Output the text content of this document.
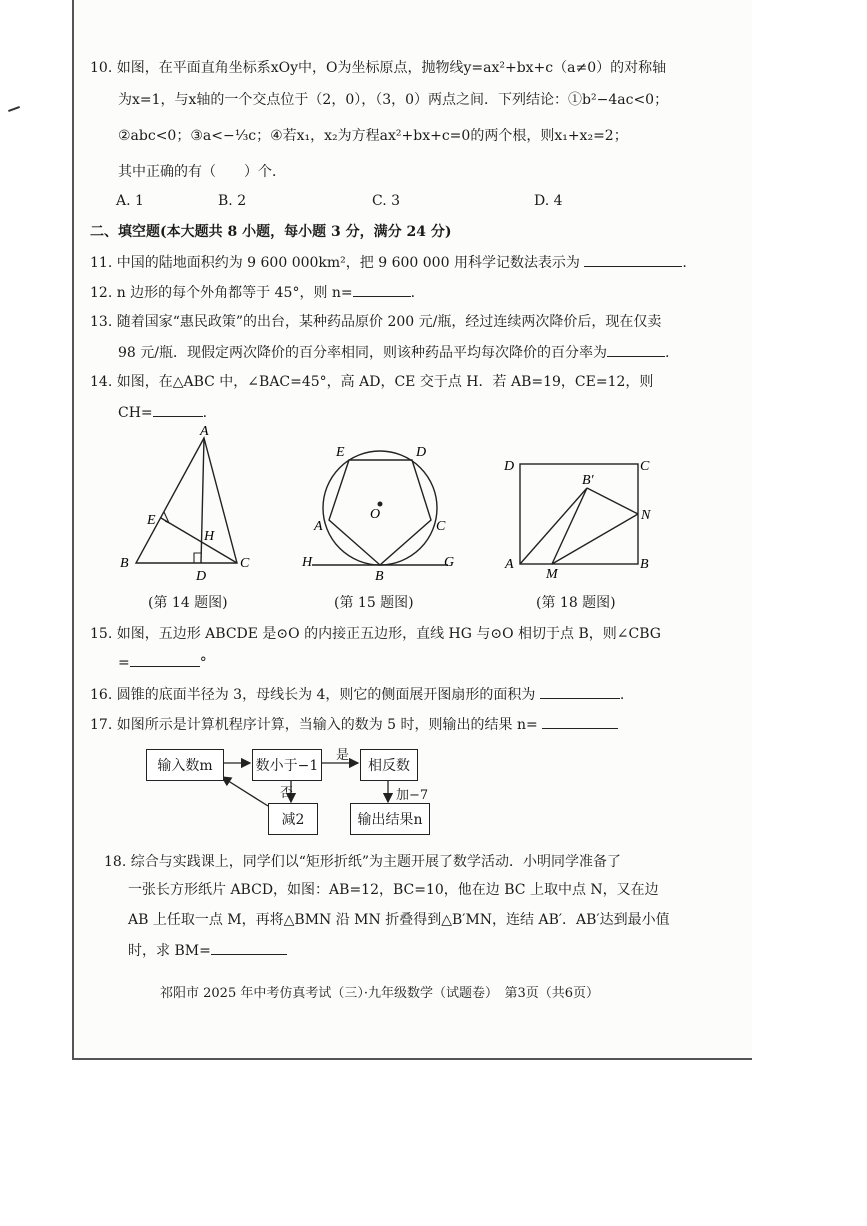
10. 如图，在平面直角坐标系xOy中，O为坐标原点，抛物线y=ax²+bx+c（a≠0）的对称轴
为x=1，与x轴的一个交点位于（2，0），（3，0）两点之间．下列结论：①b²−4ac<0；
②abc<0；③a<−⅓c；④若x₁，x₂为方程ax²+bx+c=0的两个根，则x₁+x₂=2；
其中正确的有（　　）个．
A. 1	B. 2	C. 3	D. 4
二、填空题(本大题共 8 小题，每小题 3 分，满分 24 分)
11. 中国的陆地面积约为 9 600 000km²，把 9 600 000 用科学记数法表示为	.
12. n 边形的每个外角都等于 45°，则 n=	.
13. 随着国家“惠民政策”的出台，某种药品原价 200 元/瓶，经过连续两次降价后，现在仅卖
98 元/瓶．现假定两次降价的百分率相同，则该种药品平均每次降价的百分率为	.
14. 如图，在△ABC 中，∠BAC=45°，高 AD，CE 交于点 H．若 AB=19，CE=12，则
CH=	.
A
B	C
D
E
H
(第 14 题图)
E	D
A	C
O
H
B
G
(第 15 题图)
D	C
B′
N
A
M
B
(第 18 题图)
15. 如图，五边形 ABCDE 是⊙O 的内接正五边形，直线 HG 与⊙O 相切于点 B，则∠CBG
=	°
16. 圆锥的底面半径为 3，母线长为 4，则它的侧面展开图扇形的面积为	.
17. 如图所示是计算机程序计算，当输入的数为 5 时，则输出的结果 n=
输入数m	数小于−1	相反数
减2	输出结果n
是
否	加−7
18. 综合与实践课上，同学们以“矩形折纸”为主题开展了数学活动．小明同学准备了
一张长方形纸片 ABCD，如图：AB=12，BC=10，他在边 BC 上取中点 N，又在边
AB 上任取一点 M，再将△BMN 沿 MN 折叠得到△B′MN，连结 AB′．AB′达到最小值
时，求 BM=
祁阳市 2025 年中考仿真考试（三）·九年级数学（试题卷）　第3页（共6页）
